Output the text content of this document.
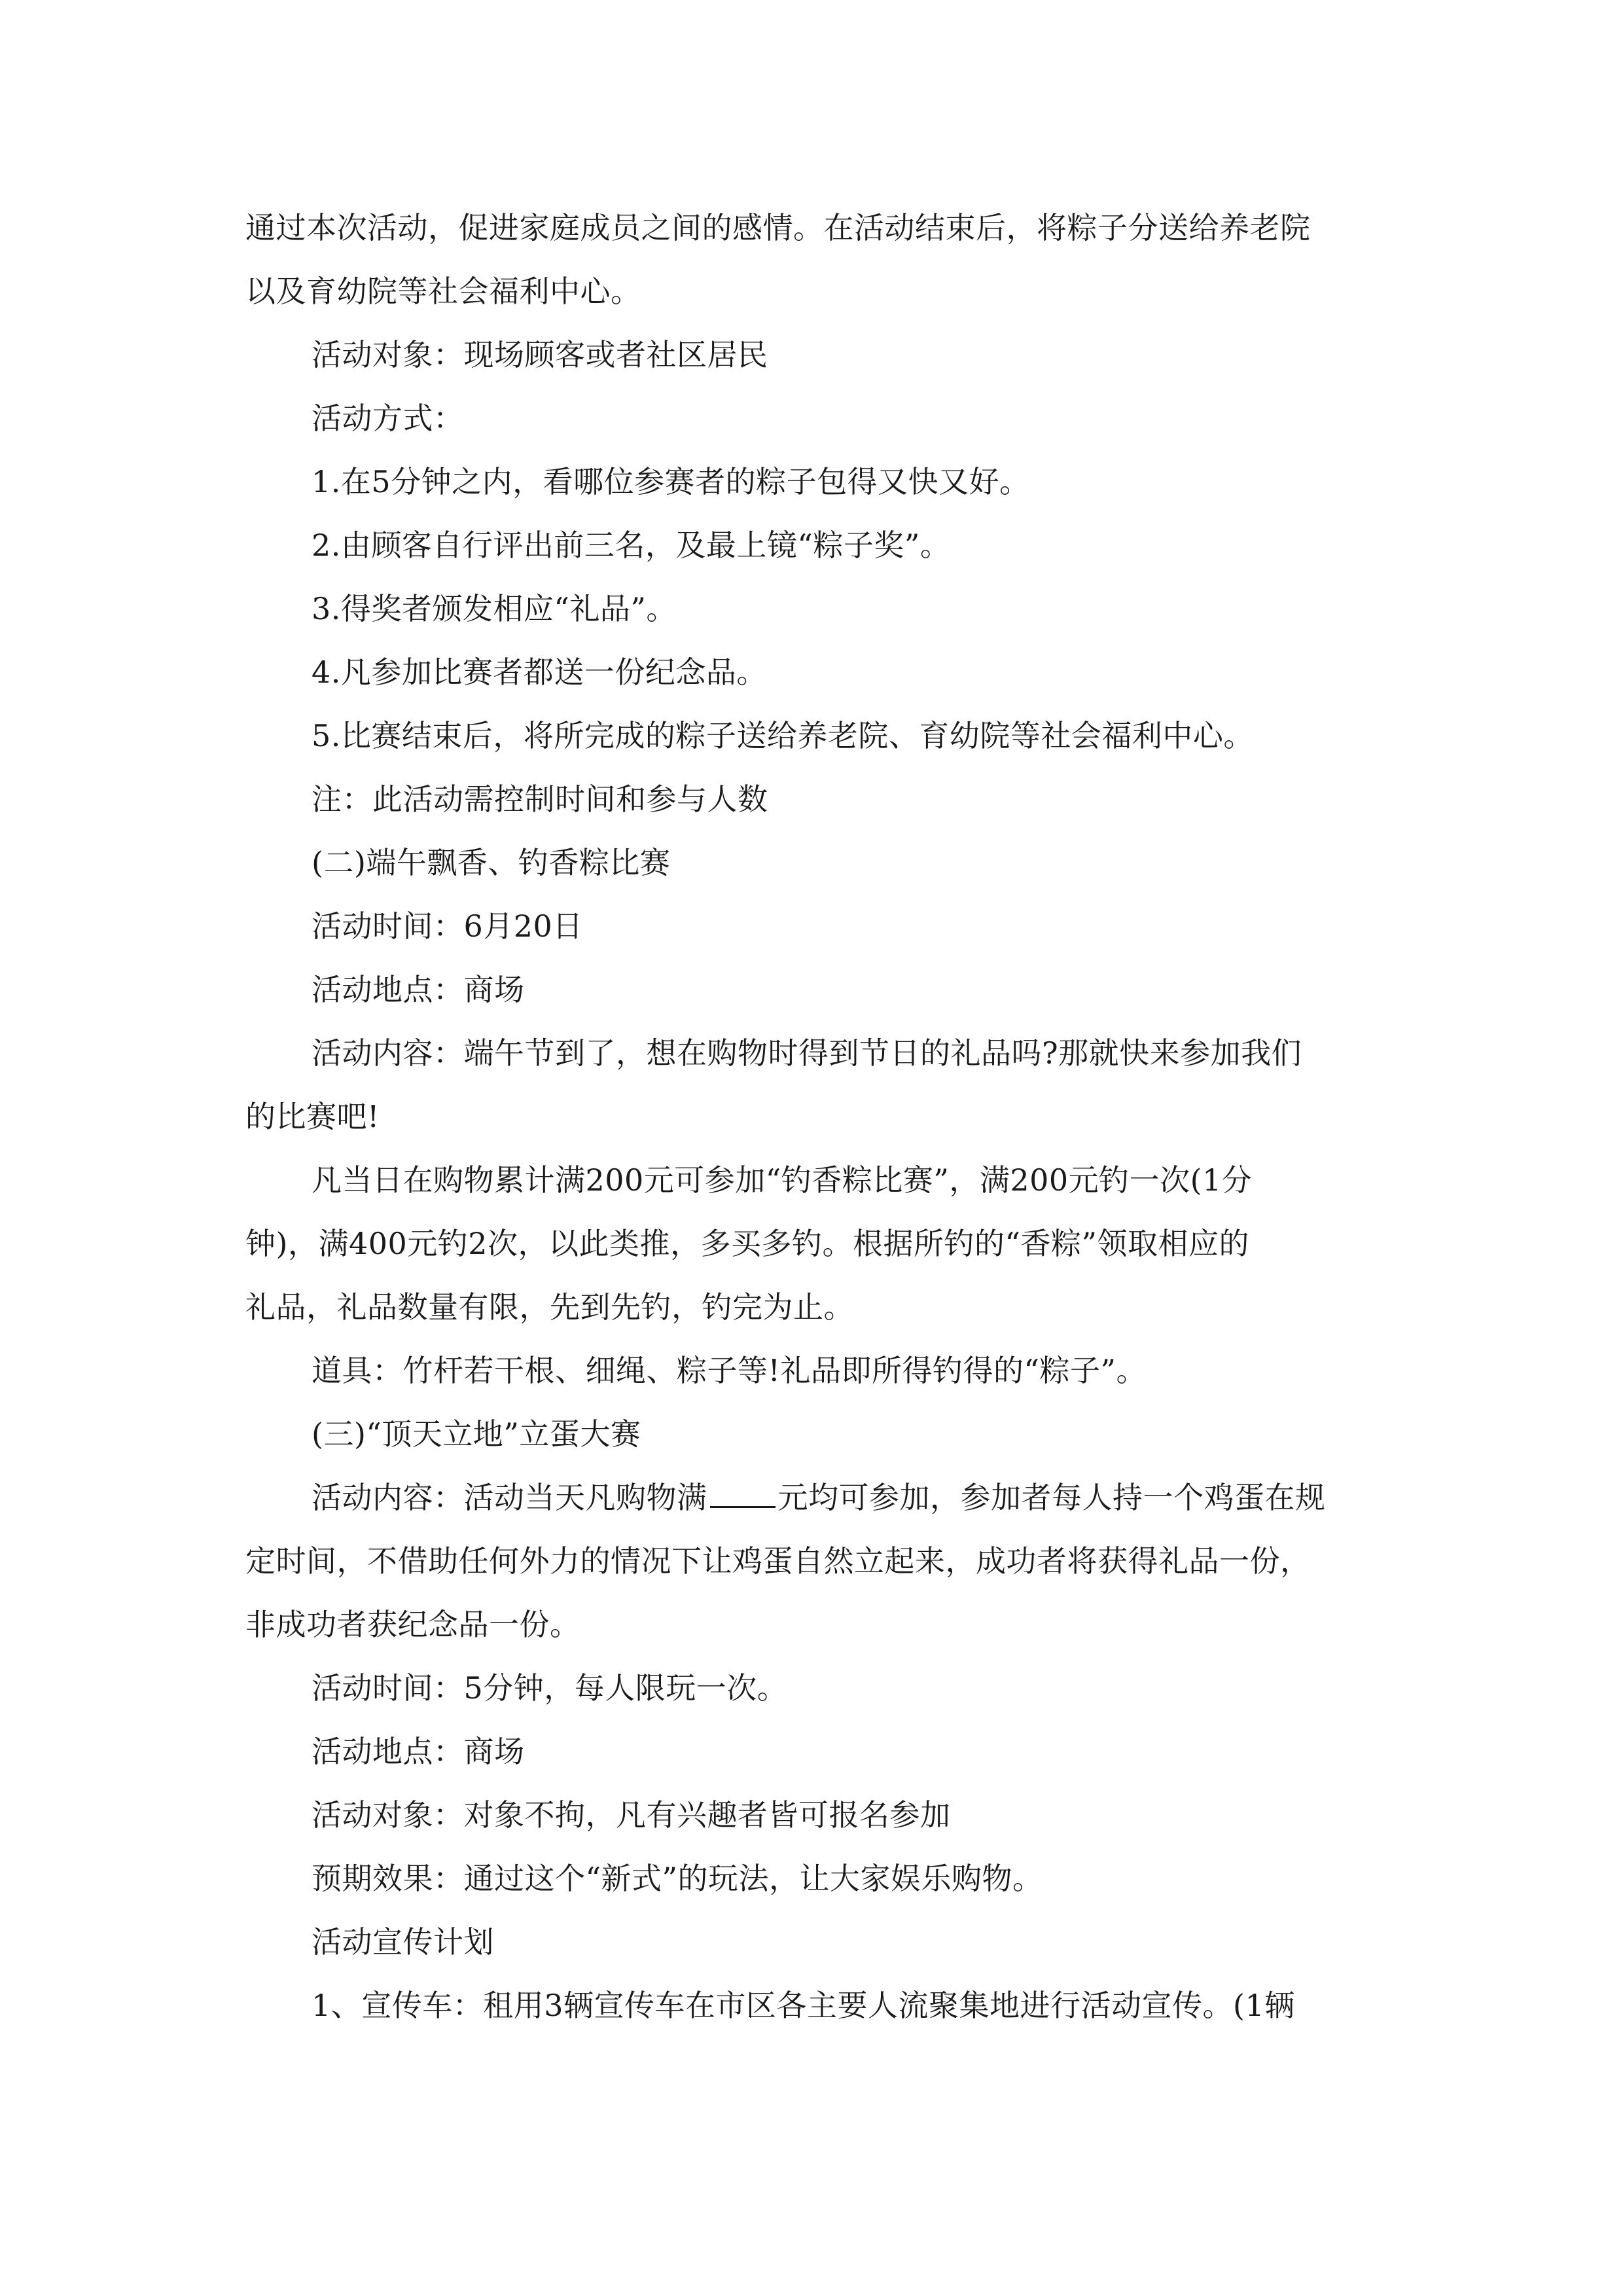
通过本次活动，促进家庭成员之间的感情。在活动结束后，将粽子分送给养老院
以及育幼院等社会福利中心。
活动对象：现场顾客或者社区居民
活动方式：
1.在5分钟之内，看哪位参赛者的粽子包得又快又好。
2.由顾客自行评出前三名，及最上镜“粽子奖”。
3.得奖者颁发相应“礼品”。
4.凡参加比赛者都送一份纪念品。
5.比赛结束后，将所完成的粽子送给养老院、育幼院等社会福利中心。
注：此活动需控制时间和参与人数
(二)端午飘香、钓香粽比赛
活动时间：6月20日
活动地点：商场
活动内容：端午节到了，想在购物时得到节日的礼品吗?那就快来参加我们
的比赛吧!
凡当日在购物累计满200元可参加“钓香粽比赛”，满200元钓一次(1分
钟)，满400元钓2次，以此类推，多买多钓。根据所钓的“香粽”领取相应的
礼品，礼品数量有限，先到先钓，钓完为止。
道具：竹杆若干根、细绳、粽子等!礼品即所得钓得的“粽子”。
(三)“顶天立地”立蛋大赛
活动内容：活动当天凡购物满 元均可参加，参加者每人持一个鸡蛋在规
定时间，不借助任何外力的情况下让鸡蛋自然立起来，成功者将获得礼品一份，
非成功者获纪念品一份。
活动时间：5分钟，每人限玩一次。
活动地点：商场
活动对象：对象不拘，凡有兴趣者皆可报名参加
预期效果：通过这个“新式”的玩法，让大家娱乐购物。
活动宣传计划
1、宣传车：租用3辆宣传车在市区各主要人流聚集地进行活动宣传。(1辆
